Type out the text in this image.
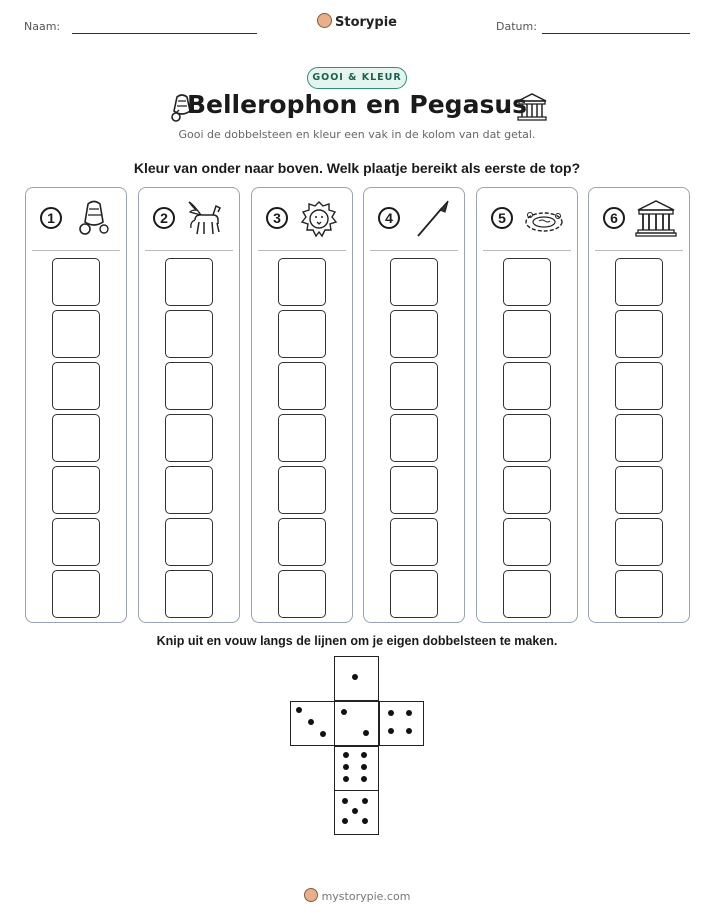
Naam:	Storypie	Datum:
GOOI & KLEUR
Bellerophon en Pegasus
Gooi de dobbelsteen en kleur een vak in de kolom van dat getal.
Kleur van onder naar boven. Welk plaatje bereikt als eerste de top?
1	2	3	4	5	6
Knip uit en vouw langs de lijnen om je eigen dobbelsteen te maken.
mystorypie.com
